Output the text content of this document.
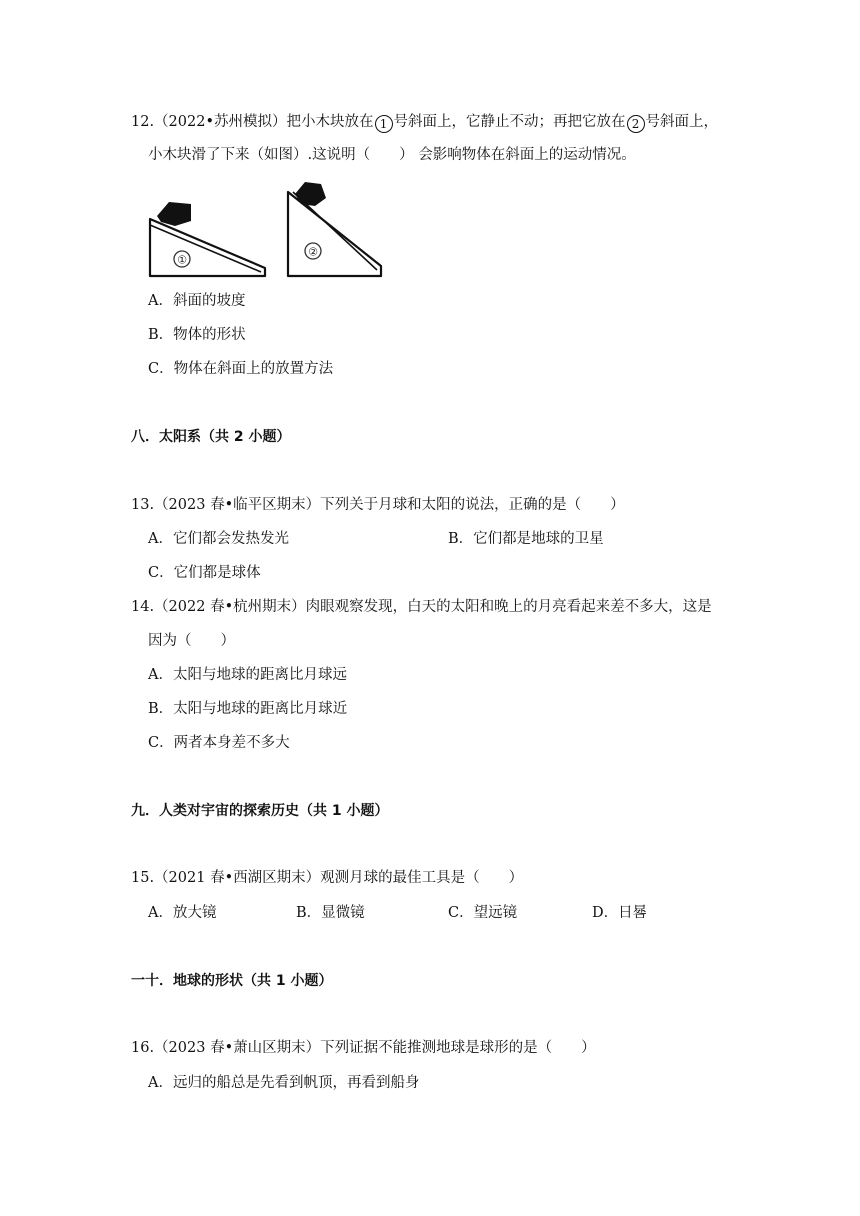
12.（2022•苏州模拟）把小木块放在 1 号斜面上，它静止不动；再把它放在 2 号斜面上，
小木块滑了下来（如图）.这说明（　　） 会影响物体在斜面上的运动情况。
①
②
A．斜面的坡度
B．物体的形状
C．物体在斜面上的放置方法
八．太阳系（共 2 小题）
13.（2023 春•临平区期末）下列关于月球和太阳的说法，正确的是（　　）
A．它们都会发热发光	B．它们都是地球的卫星
C．它们都是球体
14.（2022 春•杭州期末）肉眼观察发现，白天的太阳和晚上的月亮看起来差不多大，这是
因为（　　）
A．太阳与地球的距离比月球远
B．太阳与地球的距离比月球近
C．两者本身差不多大
九．人类对宇宙的探索历史（共 1 小题）
15.（2021 春•西湖区期末）观测月球的最佳工具是（　　）
A．放大镜	B．显微镜	C．望远镜	D．日晷
一十．地球的形状（共 1 小题）
16.（2023 春•萧山区期末）下列证据不能推测地球是球形的是（　　）
A．远归的船总是先看到帆顶，再看到船身
